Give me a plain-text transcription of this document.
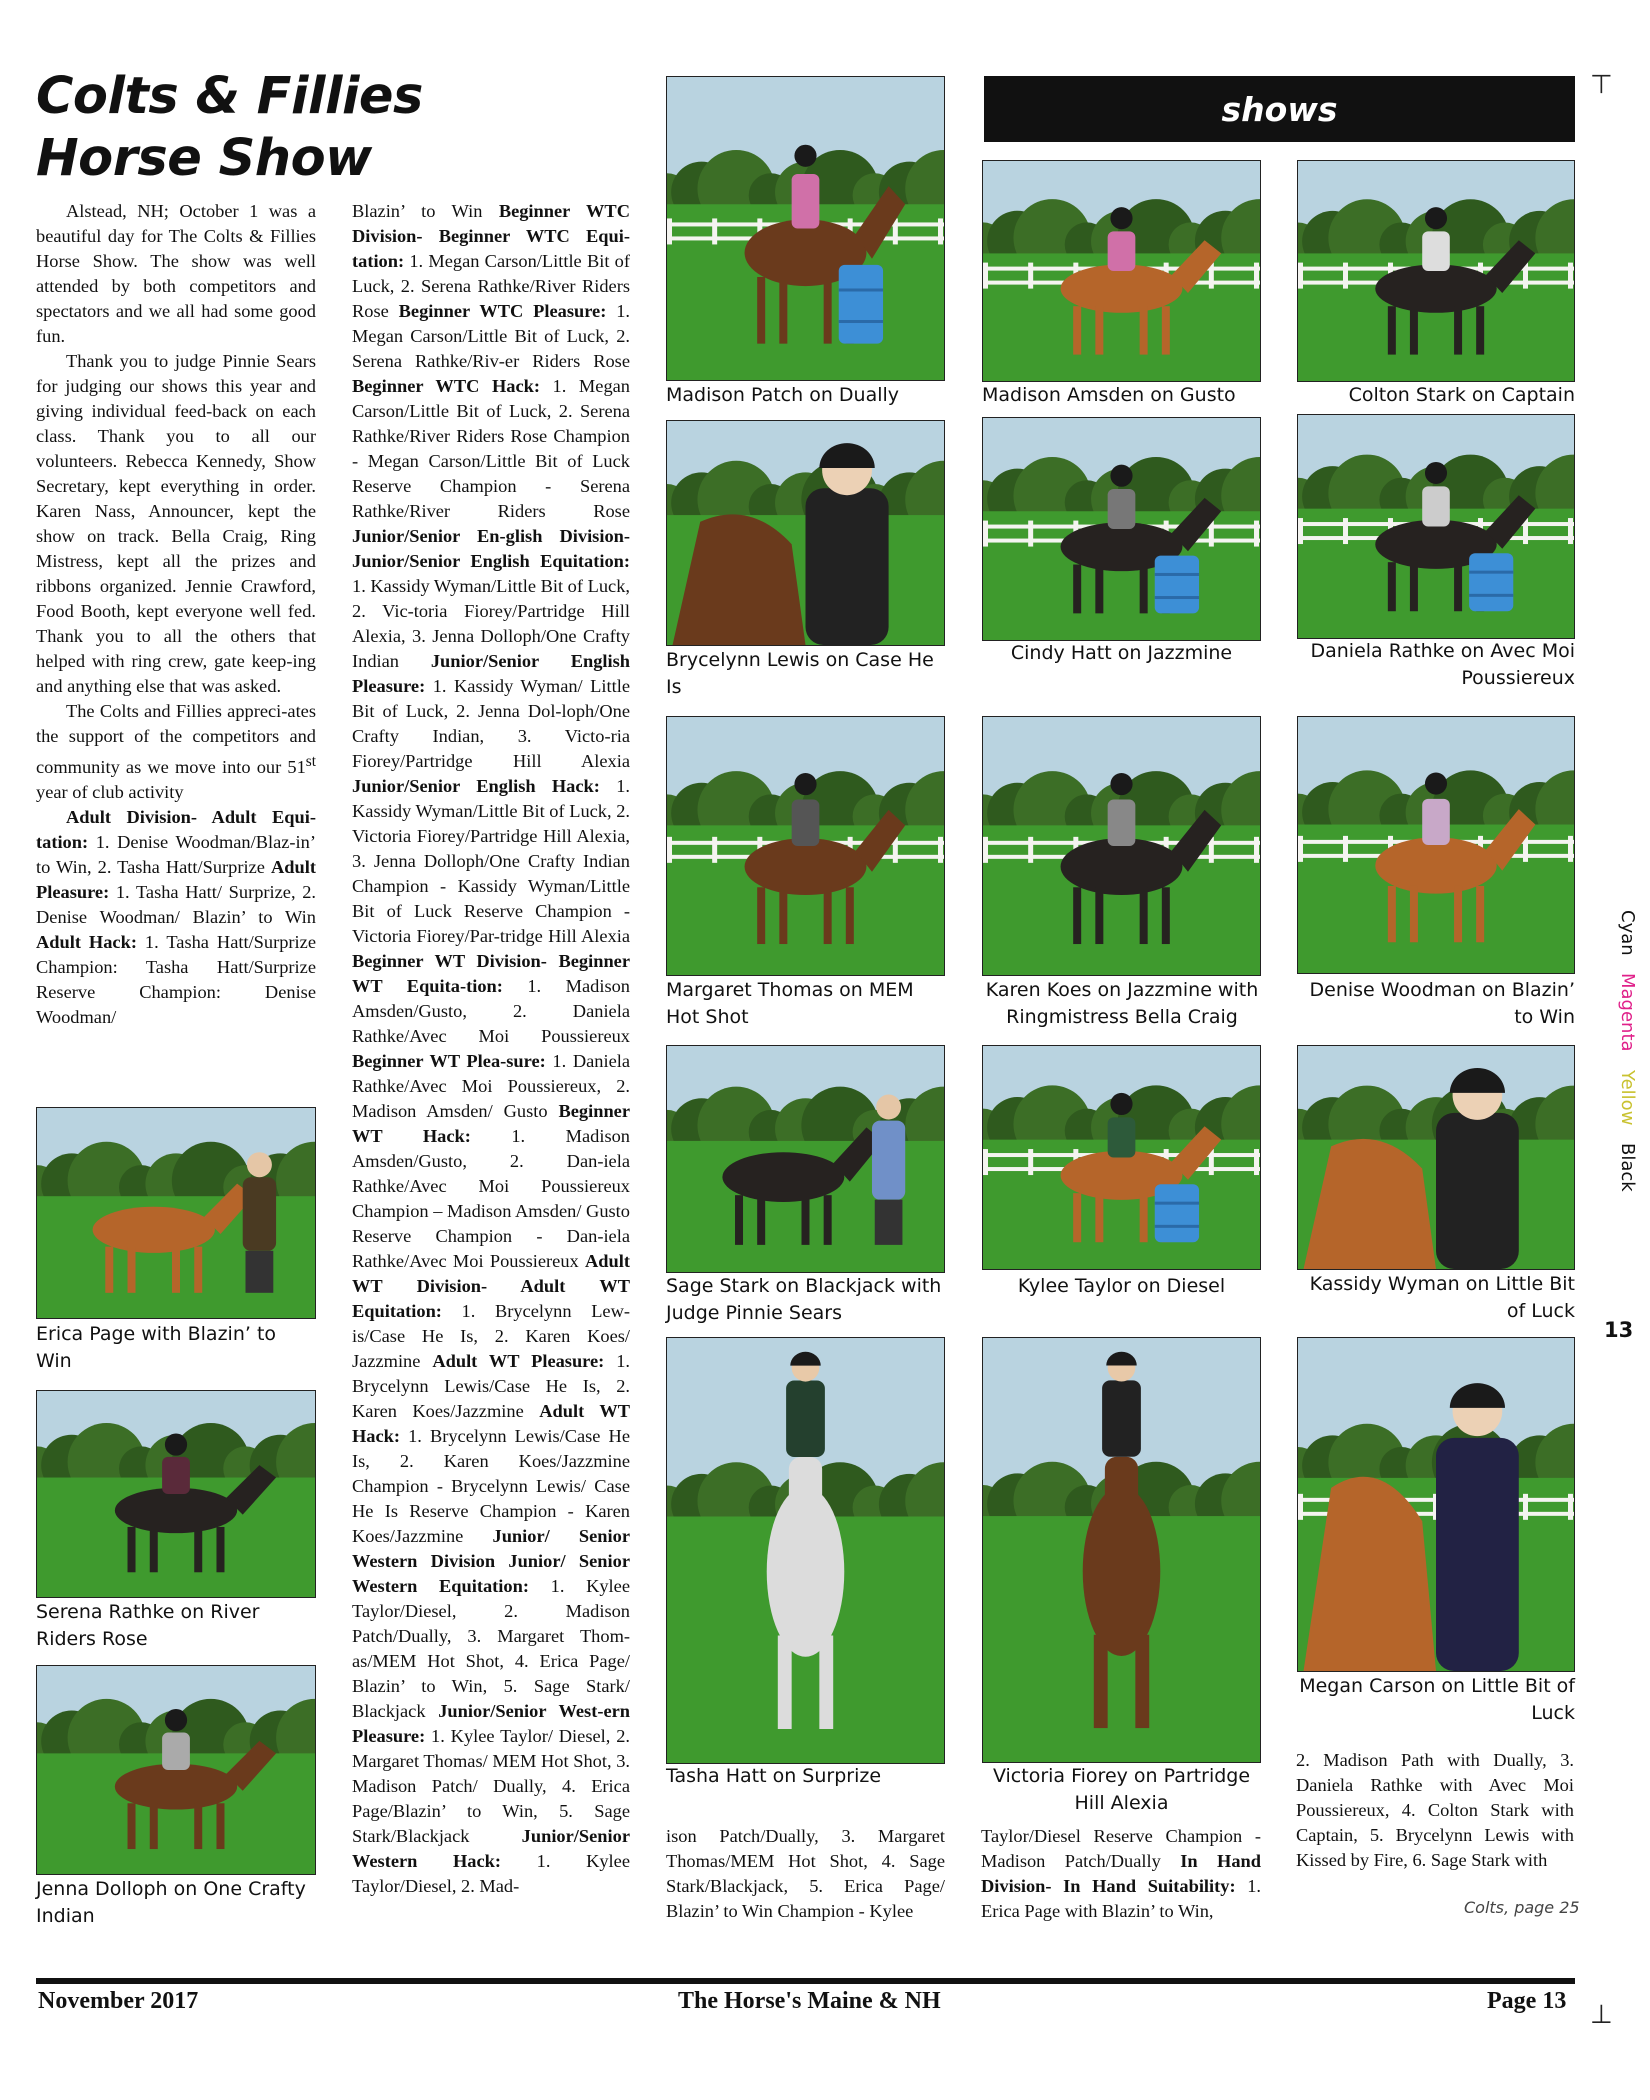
Colts & Fillies Horse Show
shows

Alstead, NH; October 1 was a beautiful day for The Colts & Fillies Horse Show. The show was well attended by both competitors and spectators and we all had some good fun.

Thank you to judge Pinnie Sears for judging our shows this year and giving individual feed-back on each class. Thank you to all our volunteers. Rebecca Kennedy, Show Secretary, kept everything in order. Karen Nass, Announcer, kept the show on track. Bella Craig, Ring Mistress, kept all the prizes and ribbons organized. Jennie Crawford, Food Booth, kept everyone well fed. Thank you to all the others that helped with ring crew, gate keep-ing and anything else that was asked.

The Colts and Fillies appreci-ates the support of the competitors and community as we move into our 51st year of club activity

Adult Division- Adult Equi-tation: 1. Denise Woodman/Blaz-in’ to Win, 2. Tasha Hatt/Surprize Adult Pleasure: 1. Tasha Hatt/ Surprize, 2. Denise Woodman/ Blazin’ to Win Adult Hack: 1. Tasha Hatt/Surprize Champion: Tasha Hatt/Surprize Reserve Champion: Denise Woodman/

Blazin’ to Win Beginner WTC Division- Beginner WTC Equi-tation: 1. Megan Carson/Little Bit of Luck, 2. Serena Rathke/River Riders Rose Beginner WTC Pleasure: 1. Megan Carson/Little Bit of Luck, 2. Serena Rathke/Riv-er Riders Rose Beginner WTC Hack: 1. Megan Carson/Little Bit of Luck, 2. Serena Rathke/River Riders Rose Champion - Megan Carson/Little Bit of Luck Reserve Champion - Serena Rathke/River Riders Rose Junior/Senior En-glish Division- Junior/Senior English Equitation: 1. Kassidy Wyman/Little Bit of Luck, 2. Vic-toria Fiorey/Partridge Hill Alexia, 3. Jenna Dolloph/One Crafty Indian Junior/Senior English Pleasure: 1. Kassidy Wyman/ Little Bit of Luck, 2. Jenna Dol-loph/One Crafty Indian, 3. Victo-ria Fiorey/Partridge Hill Alexia Junior/Senior English Hack: 1. Kassidy Wyman/Little Bit of Luck, 2. Victoria Fiorey/Partridge Hill Alexia, 3. Jenna Dolloph/One Crafty Indian Champion - Kassidy Wyman/Little Bit of Luck Reserve Champion - Victoria Fiorey/Par-tridge Hill Alexia Beginner WT Division- Beginner WT Equita-tion: 1. Madison Amsden/Gusto, 2. Daniela Rathke/Avec Moi Poussiereux Beginner WT Plea-sure: 1. Daniela Rathke/Avec Moi Poussiereux, 2. Madison Amsden/ Gusto Beginner WT Hack: 1. Madison Amsden/Gusto, 2. Dan-iela Rathke/Avec Moi Poussiereux Champion – Madison Amsden/ Gusto Reserve Champion - Dan-iela Rathke/Avec Moi Poussiereux Adult WT Division- Adult WT Equitation: 1. Brycelynn Lew-is/Case He Is, 2. Karen Koes/ Jazzmine Adult WT Pleasure: 1. Brycelynn Lewis/Case He Is, 2. Karen Koes/Jazzmine Adult WT Hack: 1. Brycelynn Lewis/Case He Is, 2. Karen Koes/Jazzmine Champion - Brycelynn Lewis/ Case He Is Reserve Champion - Karen Koes/Jazzmine Junior/ Senior Western Division Junior/ Senior Western Equitation: 1. Kylee Taylor/Diesel, 2. Madison Patch/Dually, 3. Margaret Thom-as/MEM Hot Shot, 4. Erica Page/ Blazin’ to Win, 5. Sage Stark/ Blackjack Junior/Senior West-ern Pleasure: 1. Kylee Taylor/ Diesel, 2. Margaret Thomas/ MEM Hot Shot, 3. Madison Patch/ Dually, 4. Erica Page/Blazin’ to Win, 5. Sage Stark/Blackjack Junior/Senior Western Hack: 1. Kylee Taylor/Diesel, 2. Mad-

ison Patch/Dually, 3. Margaret Thomas/MEM Hot Shot, 4. Sage Stark/Blackjack, 5. Erica Page/ Blazin’ to Win Champion - Kylee

Taylor/Diesel Reserve Champion - Madison Patch/Dually In Hand Division- In Hand Suitability: 1. Erica Page with Blazin’ to Win,

2. Madison Path with Dually, 3. Daniela Rathke with Avec Moi Poussiereux, 4. Colton Stark with Captain, 5. Brycelynn Lewis with Kissed by Fire, 6. Sage Stark with

Colts, page 25
Erica Page with Blazin’ to Win
Serena Rathke on River Riders Rose
Jenna Dolloph on One Crafty Indian
Madison Patch on Dually
Brycelynn Lewis on Case He Is
Margaret Thomas on MEM Hot Shot
Sage Stark on Blackjack with Judge Pinnie Sears
Tasha Hatt on Surprize
Madison Amsden on Gusto
Cindy Hatt on Jazzmine
Karen Koes on Jazzmine with Ringmistress Bella Craig
Kylee Taylor on Diesel
Victoria Fiorey on Partridge Hill Alexia
Colton Stark on Captain
Daniela Rathke on Avec Moi Poussiereux
Denise Woodman on Blazin’ to Win
Kassidy Wyman on Little Bit of Luck
Megan Carson on Little Bit of Luck
November 2017	The Horse's Maine & NH	Page 13
Cyan Magenta Yellow Black
13
⊤
⊥
